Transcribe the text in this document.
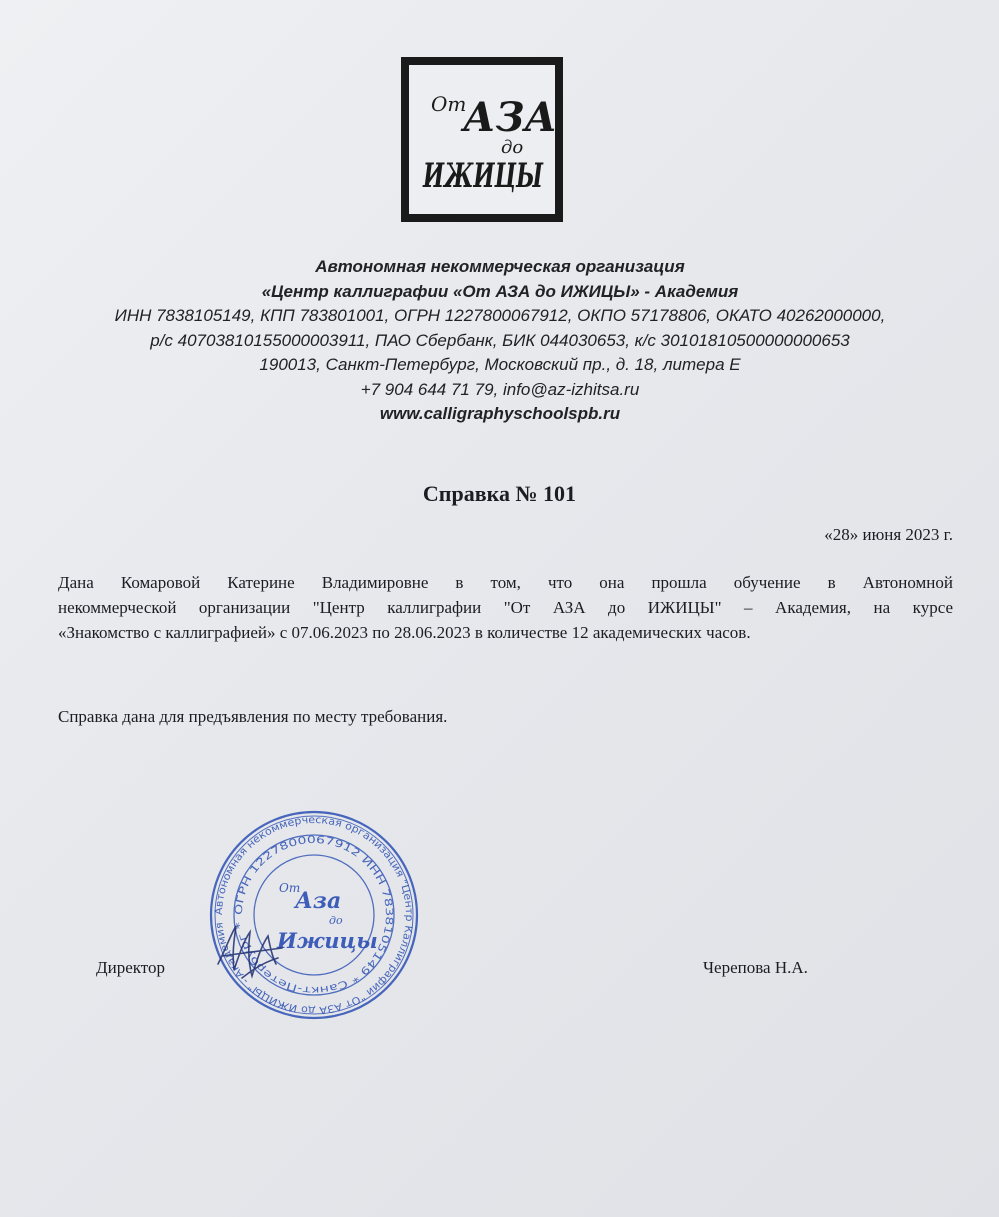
От
АЗА
до
ИЖИЦЫ
Автономная некоммерческая организация
«Центр каллиграфии «От АЗА до ИЖИЦЫ» - Академия
ИНН 7838105149, КПП 783801001, ОГРН 1227800067912, ОКПО 57178806, ОКАТО 40262000000,
р/с 40703810155000003911, ПАО Сбербанк, БИК 044030653, к/с 30101810500000000653
190013, Санкт-Петербург, Московский пр., д. 18, литера Е
+7 904 644 71 79, info@az-izhitsa.ru
www.calligraphyschoolspb.ru
Справка № 101
«28» июня 2023 г.
Дана Комаровой Катерине Владимировне в том, что она прошла обучение в Автономной
некоммерческой организации "Центр каллиграфии "От АЗА до ИЖИЦЫ" – Академия, на курсе
«Знакомство с каллиграфией» с 07.06.2023 по 28.06.2023 в количестве 12 академических часов.
Справка дана для предъявления по месту требования.
Директор	Черепова Н.А.
Автономная некоммерческая организация "Центр Каллиграфии "От АЗА до ИЖИЦЫ" - Академия
ОГРН 1227800067912 ИНН 7838105149 * Санкт-Петербург *
От
Аза
до
Ижицы
